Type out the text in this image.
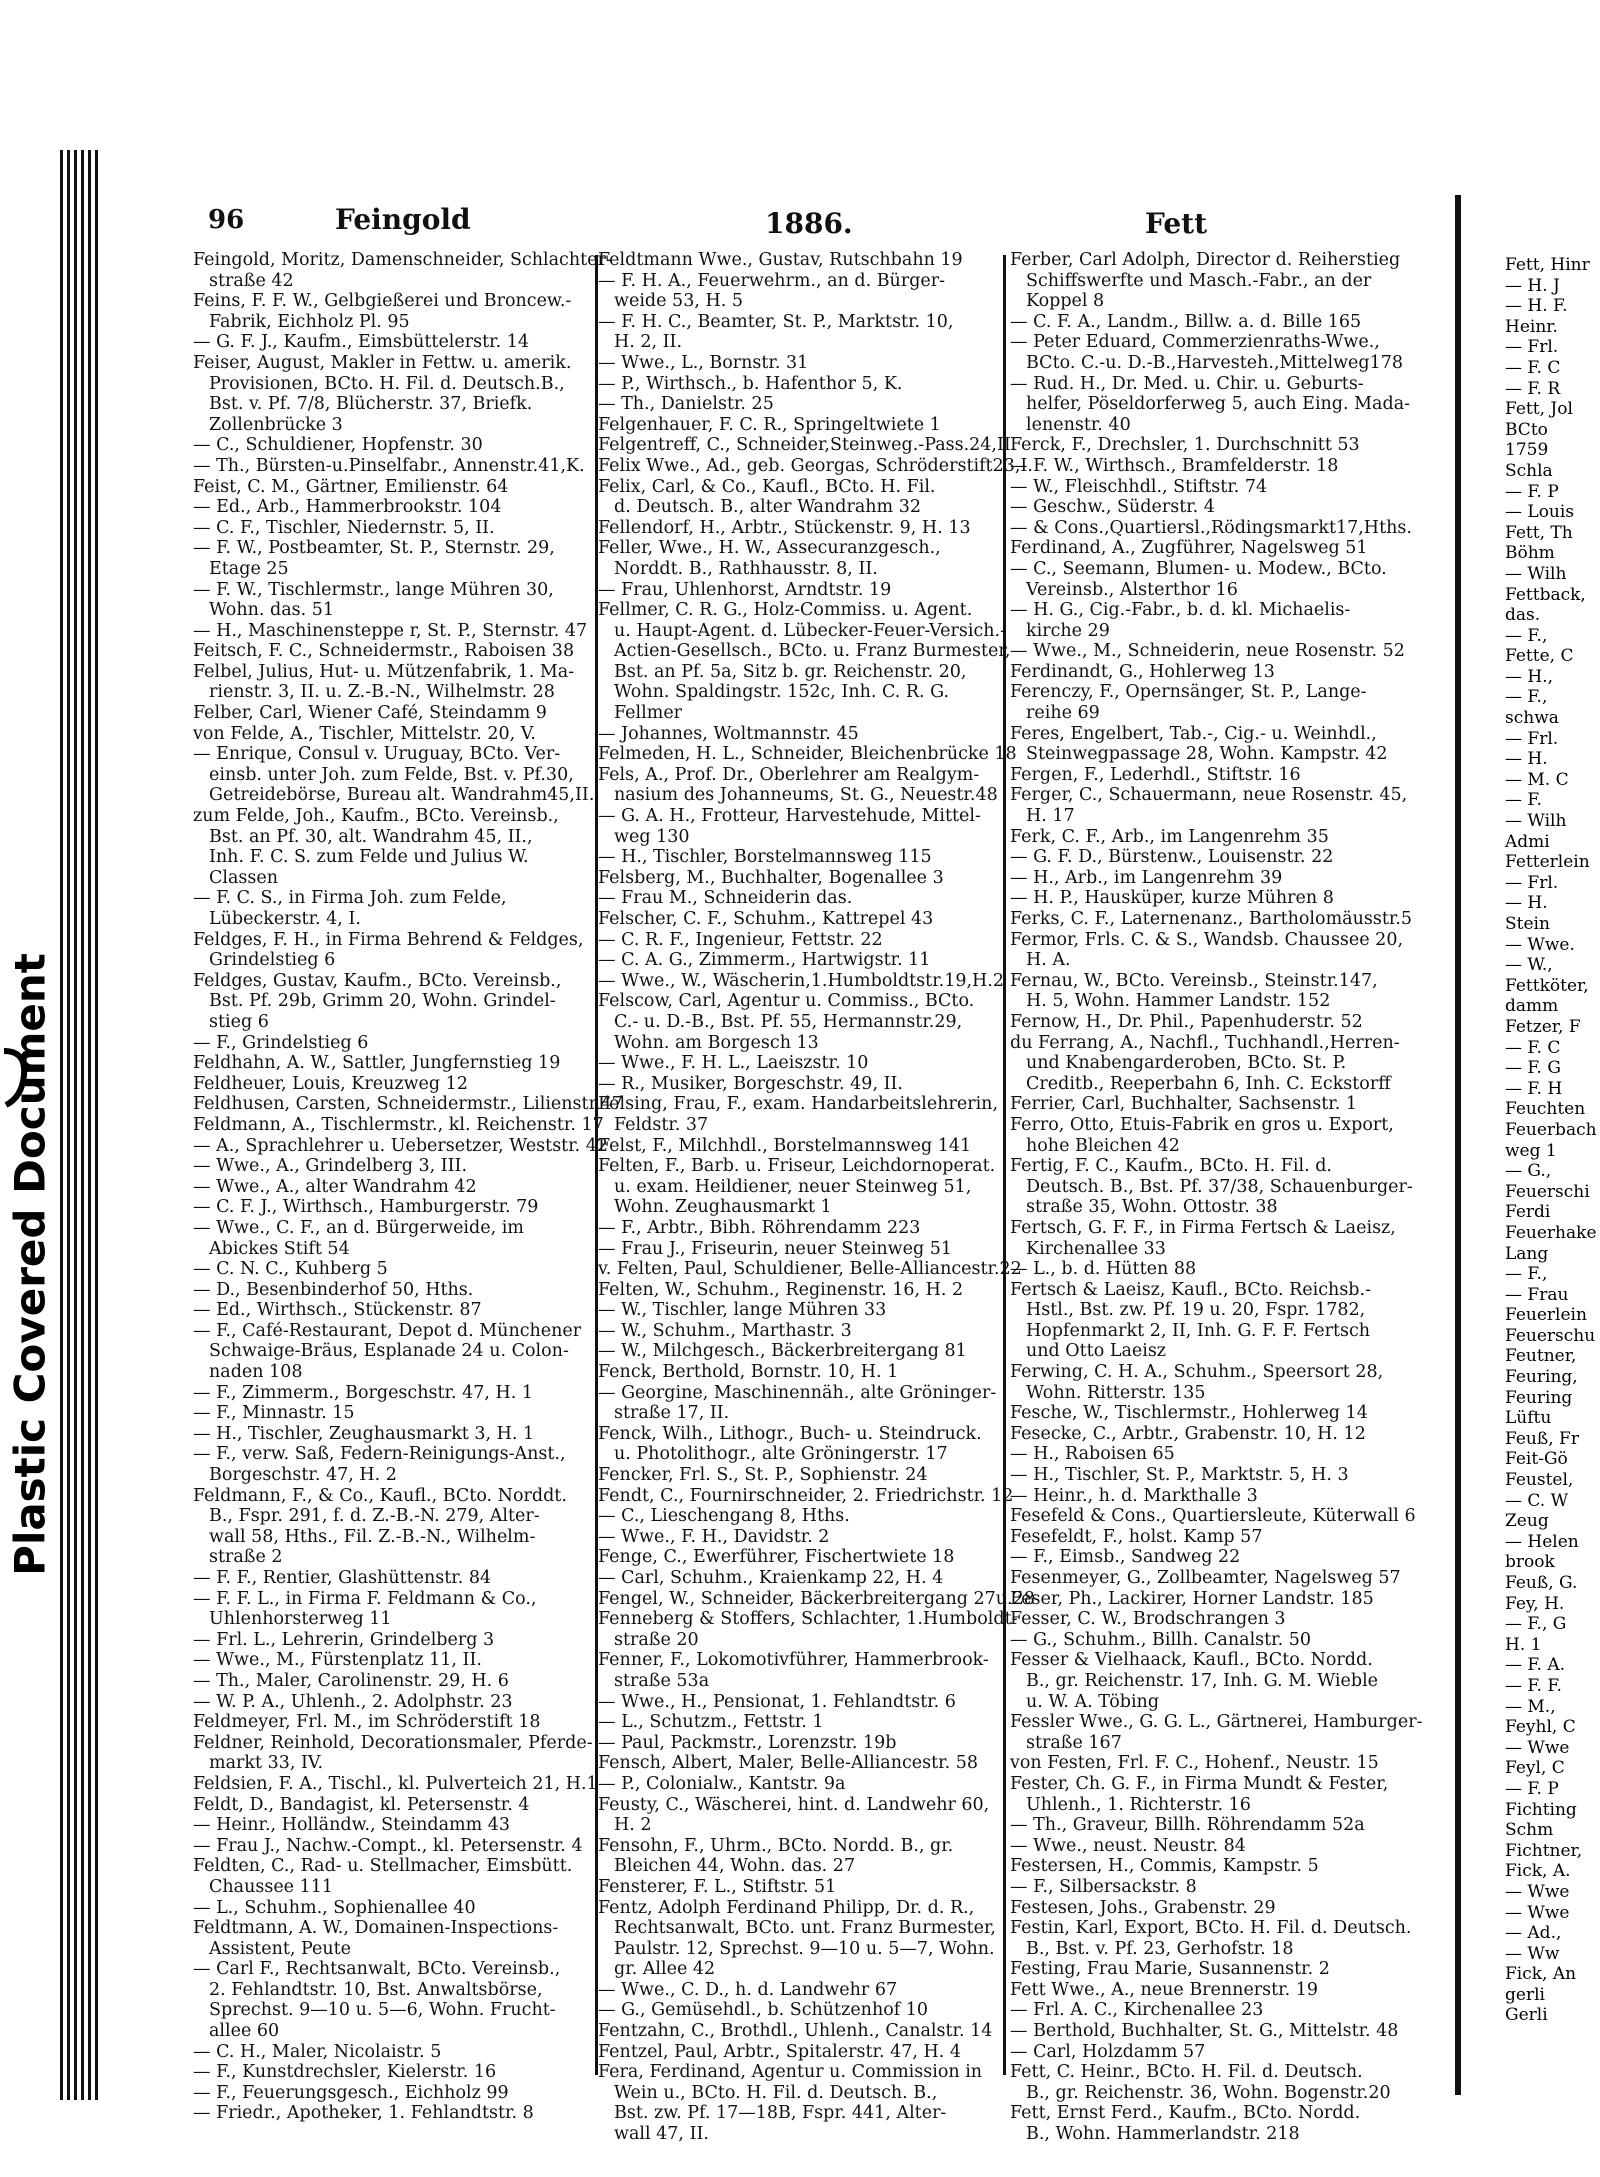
Plastic Covered Document
96	Feingold	1886.	Fett
Feingold, Moritz, Damenschneider, Schlachter-
straße 42
Feins, F. F. W., Gelbgießerei und Broncew.-
Fabrik, Eichholz Pl. 95
— G. F. J., Kaufm., Eimsbüttelerstr. 14
Feiser, August, Makler in Fettw. u. amerik.
Provisionen, BCto. H. Fil. d. Deutsch.B.,
Bst. v. Pf. 7/8, Blücherstr. 37, Briefk.
Zollenbrücke 3
— C., Schuldiener, Hopfenstr. 30
— Th., Bürsten-u.Pinselfabr., Annenstr.41,K.
Feist, C. M., Gärtner, Emilienstr. 64
— Ed., Arb., Hammerbrookstr. 104
— C. F., Tischler, Niedernstr. 5, II.
— F. W., Postbeamter, St. P., Sternstr. 29,
Etage 25
— F. W., Tischlermstr., lange Mühren 30,
Wohn. das. 51
— H., Maschinensteppe r, St. P., Sternstr. 47
Feitsch, F. C., Schneidermstr., Raboisen 38
Felbel, Julius, Hut- u. Mützenfabrik, 1. Ma-
rienstr. 3, II. u. Z.-B.-N., Wilhelmstr. 28
Felber, Carl, Wiener Café, Steindamm 9
von Felde, A., Tischler, Mittelstr. 20, V.
— Enrique, Consul v. Uruguay, BCto. Ver-
einsb. unter Joh. zum Felde, Bst. v. Pf.30,
Getreidebörse, Bureau alt. Wandrahm45,II.
zum Felde, Joh., Kaufm., BCto. Vereinsb.,
Bst. an Pf. 30, alt. Wandrahm 45, II.,
Inh. F. C. S. zum Felde und Julius W.
Classen
— F. C. S., in Firma Joh. zum Felde,
Lübeckerstr. 4, I.
Feldges, F. H., in Firma Behrend & Feldges,
Grindelstieg 6
Feldges, Gustav, Kaufm., BCto. Vereinsb.,
Bst. Pf. 29b, Grimm 20, Wohn. Grindel-
stieg 6
— F., Grindelstieg 6
Feldhahn, A. W., Sattler, Jungfernstieg 19
Feldheuer, Louis, Kreuzweg 12
Feldhusen, Carsten, Schneidermstr., Lilienstr.47
Feldmann, A., Tischlermstr., kl. Reichenstr. 17
— A., Sprachlehrer u. Uebersetzer, Weststr. 42
— Wwe., A., Grindelberg 3, III.
— Wwe., A., alter Wandrahm 42
— C. F. J., Wirthsch., Hamburgerstr. 79
— Wwe., C. F., an d. Bürgerweide, im
Abickes Stift 54
— C. N. C., Kuhberg 5
— D., Besenbinderhof 50, Hths.
— Ed., Wirthsch., Stückenstr. 87
— F., Café-Restaurant, Depot d. Münchener
Schwaige-Bräus, Esplanade 24 u. Colon-
naden 108
— F., Zimmerm., Borgeschstr. 47, H. 1
— F., Minnastr. 15
— H., Tischler, Zeughausmarkt 3, H. 1
— F., verw. Saß, Federn-Reinigungs-Anst.,
Borgeschstr. 47, H. 2
Feldmann, F., & Co., Kaufl., BCto. Norddt.
B., Fspr. 291, f. d. Z.-B.-N. 279, Alter-
wall 58, Hths., Fil. Z.-B.-N., Wilhelm-
straße 2
— F. F., Rentier, Glashüttenstr. 84
— F. F. L., in Firma F. Feldmann & Co.,
Uhlenhorsterweg 11
— Frl. L., Lehrerin, Grindelberg 3
— Wwe., M., Fürstenplatz 11, II.
— Th., Maler, Carolinenstr. 29, H. 6
— W. P. A., Uhlenh., 2. Adolphstr. 23
Feldmeyer, Frl. M., im Schröderstift 18
Feldner, Reinhold, Decorationsmaler, Pferde-
markt 33, IV.
Feldsien, F. A., Tischl., kl. Pulverteich 21, H.1
Feldt, D., Bandagist, kl. Petersenstr. 4
— Heinr., Holländw., Steindamm 43
— Frau J., Nachw.-Compt., kl. Petersenstr. 4
Feldten, C., Rad- u. Stellmacher, Eimsbütt.
Chaussee 111
— L., Schuhm., Sophienallee 40
Feldtmann, A. W., Domainen-Inspections-
Assistent, Peute
— Carl F., Rechtsanwalt, BCto. Vereinsb.,
2. Fehlandtstr. 10, Bst. Anwaltsbörse,
Sprechst. 9—10 u. 5—6, Wohn. Frucht-
allee 60
— C. H., Maler, Nicolaistr. 5
— F., Kunstdrechsler, Kielerstr. 16
— F., Feuerungsgesch., Eichholz 99
— Friedr., Apotheker, 1. Fehlandtstr. 8
Feldtmann Wwe., Gustav, Rutschbahn 19
— F. H. A., Feuerwehrm., an d. Bürger-
weide 53, H. 5
— F. H. C., Beamter, St. P., Marktstr. 10,
H. 2, II.
— Wwe., L., Bornstr. 31
— P., Wirthsch., b. Hafenthor 5, K.
— Th., Danielstr. 25
Felgenhauer, F. C. R., Springeltwiete 1
Felgentreff, C., Schneider,Steinweg.-Pass.24,II.
Felix Wwe., Ad., geb. Georgas, Schröderstift23,I.
Felix, Carl, & Co., Kaufl., BCto. H. Fil.
d. Deutsch. B., alter Wandrahm 32
Fellendorf, H., Arbtr., Stückenstr. 9, H. 13
Feller, Wwe., H. W., Assecuranzgesch.,
Norddt. B., Rathhausstr. 8, II.
— Frau, Uhlenhorst, Arndtstr. 19
Fellmer, C. R. G., Holz-Commiss. u. Agent.
u. Haupt-Agent. d. Lübecker-Feuer-Versich.-
Actien-Gesellsch., BCto. u. Franz Burmester,
Bst. an Pf. 5a, Sitz b. gr. Reichenstr. 20,
Wohn. Spaldingstr. 152c, Inh. C. R. G.
Fellmer
— Johannes, Woltmannstr. 45
Felmeden, H. L., Schneider, Bleichenbrücke 18
Fels, A., Prof. Dr., Oberlehrer am Realgym-
nasium des Johanneums, St. G., Neuestr.48
— G. A. H., Frotteur, Harvestehude, Mittel-
weg 130
— H., Tischler, Borstelmannsweg 115
Felsberg, M., Buchhalter, Bogenallee 3
— Frau M., Schneiderin das.
Felscher, C. F., Schuhm., Kattrepel 43
— C. R. F., Ingenieur, Fettstr. 22
— C. A. G., Zimmerm., Hartwigstr. 11
— Wwe., W., Wäscherin,1.Humboldtstr.19,H.2
Felscow, Carl, Agentur u. Commiss., BCto.
C.- u. D.-B., Bst. Pf. 55, Hermannstr.29,
Wohn. am Borgesch 13
— Wwe., F. H. L., Laeiszstr. 10
— R., Musiker, Borgeschstr. 49, II.
Felsing, Frau, F., exam. Handarbeitslehrerin,
Feldstr. 37
Felst, F., Milchhdl., Borstelmannsweg 141
Felten, F., Barb. u. Friseur, Leichdornoperat.
u. exam. Heildiener, neuer Steinweg 51,
Wohn. Zeughausmarkt 1
— F., Arbtr., Bibh. Röhrendamm 223
— Frau J., Friseurin, neuer Steinweg 51
v. Felten, Paul, Schuldiener, Belle-Alliancestr.22
Felten, W., Schuhm., Reginenstr. 16, H. 2
— W., Tischler, lange Mühren 33
— W., Schuhm., Marthastr. 3
— W., Milchgesch., Bäckerbreitergang 81
Fenck, Berthold, Bornstr. 10, H. 1
— Georgine, Maschinennäh., alte Gröninger-
straße 17, II.
Fenck, Wilh., Lithogr., Buch- u. Steindruck.
u. Photolithogr., alte Gröningerstr. 17
Fencker, Frl. S., St. P., Sophienstr. 24
Fendt, C., Fournirschneider, 2. Friedrichstr. 12
— C., Lieschengang 8, Hths.
— Wwe., F. H., Davidstr. 2
Fenge, C., Ewerführer, Fischertwiete 18
— Carl, Schuhm., Kraienkamp 22, H. 4
Fengel, W., Schneider, Bäckerbreitergang 27u.28
Fenneberg & Stoffers, Schlachter, 1.Humboldt-
straße 20
Fenner, F., Lokomotivführer, Hammerbrook-
straße 53a
— Wwe., H., Pensionat, 1. Fehlandtstr. 6
— L., Schutzm., Fettstr. 1
— Paul, Packmstr., Lorenzstr. 19b
Fensch, Albert, Maler, Belle-Alliancestr. 58
— P., Colonialw., Kantstr. 9a
Feusty, C., Wäscherei, hint. d. Landwehr 60,
H. 2
Fensohn, F., Uhrm., BCto. Nordd. B., gr.
Bleichen 44, Wohn. das. 27
Fensterer, F. L., Stiftstr. 51
Fentz, Adolph Ferdinand Philipp, Dr. d. R.,
Rechtsanwalt, BCto. unt. Franz Burmester,
Paulstr. 12, Sprechst. 9—10 u. 5—7, Wohn.
gr. Allee 42
— Wwe., C. D., h. d. Landwehr 67
— G., Gemüsehdl., b. Schützenhof 10
Fentzahn, C., Brothdl., Uhlenh., Canalstr. 14
Fentzel, Paul, Arbtr., Spitalerstr. 47, H. 4
Fera, Ferdinand, Agentur u. Commission in
Wein u., BCto. H. Fil. d. Deutsch. B.,
Bst. zw. Pf. 17—18B, Fspr. 441, Alter-
wall 47, II.
Ferber, Carl Adolph, Director d. Reiherstieg
Schiffswerfte und Masch.-Fabr., an der
Koppel 8
— C. F. A., Landm., Billw. a. d. Bille 165
— Peter Eduard, Commerzienraths-Wwe.,
BCto. C.-u. D.-B.,Harvesteh.,Mittelweg178
— Rud. H., Dr. Med. u. Chir. u. Geburts-
helfer, Pöseldorferweg 5, auch Eing. Mada-
lenenstr. 40
Ferck, F., Drechsler, 1. Durchschnitt 53
— F. W., Wirthsch., Bramfelderstr. 18
— W., Fleischhdl., Stiftstr. 74
— Geschw., Süderstr. 4
— & Cons.,Quartiersl.,Rödingsmarkt17,Hths.
Ferdinand, A., Zugführer, Nagelsweg 51
— C., Seemann, Blumen- u. Modew., BCto.
Vereinsb., Alsterthor 16
— H. G., Cig.-Fabr., b. d. kl. Michaelis-
kirche 29
— Wwe., M., Schneiderin, neue Rosenstr. 52
Ferdinandt, G., Hohlerweg 13
Ferenczy, F., Opernsänger, St. P., Lange-
reihe 69
Feres, Engelbert, Tab.-, Cig.- u. Weinhdl.,
Steinwegpassage 28, Wohn. Kampstr. 42
Fergen, F., Lederhdl., Stiftstr. 16
Ferger, C., Schauermann, neue Rosenstr. 45,
H. 17
Ferk, C. F., Arb., im Langenrehm 35
— G. F. D., Bürstenw., Louisenstr. 22
— H., Arb., im Langenrehm 39
— H. P., Hausküper, kurze Mühren 8
Ferks, C. F., Laternenanz., Bartholomäusstr.5
Fermor, Frls. C. & S., Wandsb. Chaussee 20,
H. A.
Fernau, W., BCto. Vereinsb., Steinstr.147,
H. 5, Wohn. Hammer Landstr. 152
Fernow, H., Dr. Phil., Papenhuderstr. 52
du Ferrang, A., Nachfl., Tuchhandl.,Herren-
und Knabengarderoben, BCto. St. P.
Creditb., Reeperbahn 6, Inh. C. Eckstorff
Ferrier, Carl, Buchhalter, Sachsenstr. 1
Ferro, Otto, Etuis-Fabrik en gros u. Export,
hohe Bleichen 42
Fertig, F. C., Kaufm., BCto. H. Fil. d.
Deutsch. B., Bst. Pf. 37/38, Schauenburger-
straße 35, Wohn. Ottostr. 38
Fertsch, G. F. F., in Firma Fertsch & Laeisz,
Kirchenallee 33
— L., b. d. Hütten 88
Fertsch & Laeisz, Kaufl., BCto. Reichsb.-
Hstl., Bst. zw. Pf. 19 u. 20, Fspr. 1782,
Hopfenmarkt 2, II, Inh. G. F. F. Fertsch
und Otto Laeisz
Ferwing, C. H. A., Schuhm., Speersort 28,
Wohn. Ritterstr. 135
Fesche, W., Tischlermstr., Hohlerweg 14
Fesecke, C., Arbtr., Grabenstr. 10, H. 12
— H., Raboisen 65
— H., Tischler, St. P., Marktstr. 5, H. 3
— Heinr., h. d. Markthalle 3
Fesefeld & Cons., Quartiersleute, Küterwall 6
Fesefeldt, F., holst. Kamp 57
— F., Eimsb., Sandweg 22
Fesenmeyer, G., Zollbeamter, Nagelsweg 57
Feser, Ph., Lackirer, Horner Landstr. 185
Fesser, C. W., Brodschrangen 3
— G., Schuhm., Billh. Canalstr. 50
Fesser & Vielhaack, Kaufl., BCto. Nordd.
B., gr. Reichenstr. 17, Inh. G. M. Wieble
u. W. A. Töbing
Fessler Wwe., G. G. L., Gärtnerei, Hamburger-
straße 167
von Festen, Frl. F. C., Hohenf., Neustr. 15
Fester, Ch. G. F., in Firma Mundt & Fester,
Uhlenh., 1. Richterstr. 16
— Th., Graveur, Billh. Röhrendamm 52a
— Wwe., neust. Neustr. 84
Festersen, H., Commis, Kampstr. 5
— F., Silbersackstr. 8
Festesen, Johs., Grabenstr. 29
Festin, Karl, Export, BCto. H. Fil. d. Deutsch.
B., Bst. v. Pf. 23, Gerhofstr. 18
Festing, Frau Marie, Susannenstr. 2
Fett Wwe., A., neue Brennerstr. 19
— Frl. A. C., Kirchenallee 23
— Berthold, Buchhalter, St. G., Mittelstr. 48
— Carl, Holzdamm 57
Fett, C. Heinr., BCto. H. Fil. d. Deutsch.
B., gr. Reichenstr. 36, Wohn. Bogenstr.20
Fett, Ernst Ferd., Kaufm., BCto. Nordd.
B., Wohn. Hammerlandstr. 218
Fett, Hinr
— H. J
— H. F.
Heinr.
— Frl.
— F. C
— F. R
Fett, Jol
BCto
1759
Schla
— F. P
— Louis
Fett, Th
Böhm
— Wilh
Fettback,
das.
— F.,
Fette, C
— H.,
— F.,
schwa
— Frl.
— H.
— M. C
— F.
— Wilh
Admi
Fetterlein
— Frl.
— H.
Stein
— Wwe.
— W.,
Fettköter,
damm
Fetzer, F
— F. C
— F. G
— F. H
Feuchten
Feuerbach
weg 1
— G.,
Feuerschi
Ferdi
Feuerhake
Lang
— F.,
— Frau
Feuerlein
Feuerschu
Feutner,
Feuring,
Feuring
Lüftu
Feuß, Fr
Feit-Gö
Feustel,
— C. W
Zeug
— Helen
brook
Feuß, G.
Fey, H.
— F., G
H. 1
— F. A.
— F. F.
— M.,
Feyhl, C
— Wwe
Feyl, C
— F. P
Fichting
Schm
Fichtner,
Fick, A.
— Wwe
— Wwe
— Ad.,
— Ww
Fick, An
gerli
Gerli
